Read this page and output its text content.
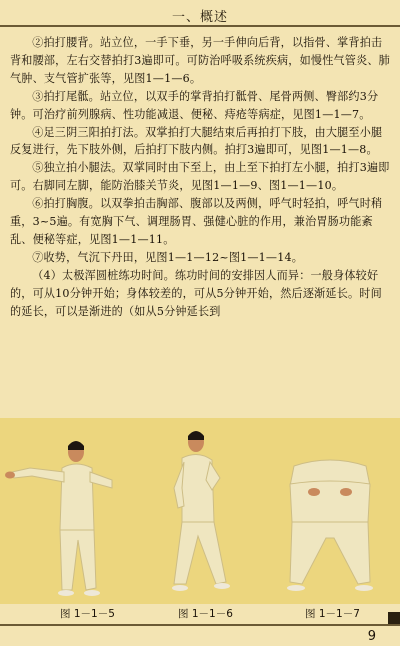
一、概述

②拍打腰背。站立位，一手下垂，另一手伸向后背，以指骨、掌背拍击背和腰部，左右交替拍打3遍即可。可防治呼吸系统疾病，如慢性气管炎、肺气肿、支气管扩张等，见图1—1—6。

③拍打尾骶。站立位，以双手的掌背拍打骶骨、尾骨两侧、臀部约3分钟。可治疗前列腺病、性功能减退、便秘、痔疮等病症，见图1—1—7。

④足三阴三阳拍打法。双掌拍打大腿结束后再拍打下肢，由大腿至小腿反复进行，先下肢外侧，后拍打下肢内侧。拍打3遍即可，见图1—1—8。

⑤独立拍小腿法。双掌同时由下至上，由上至下拍打左小腿，拍打3遍即可。右脚同左脚，能防治膝关节炎，见图1—1—9、图1—1—10。

⑥拍打胸腹。以双拳拍击胸部、腹部以及两侧，呼气时轻拍，呼气时稍重，3~5遍。有宽胸下气、调理肠胃、强健心脏的作用，兼治胃肠功能紊乱、便秘等症，见图1—1—11。

⑦收势，气沉下丹田，见图1—1—12~图1—1—14。

（4）太极浑圆桩练功时间。练功时间的安排因人而异：一般身体较好的，可从10分钟开始；身体较差的，可从5分钟开始，然后逐渐延长。时间的延长，可以是渐进的（如从5分钟延长到

图 1－1－5	图 1－1－6	图 1－1－7
9
